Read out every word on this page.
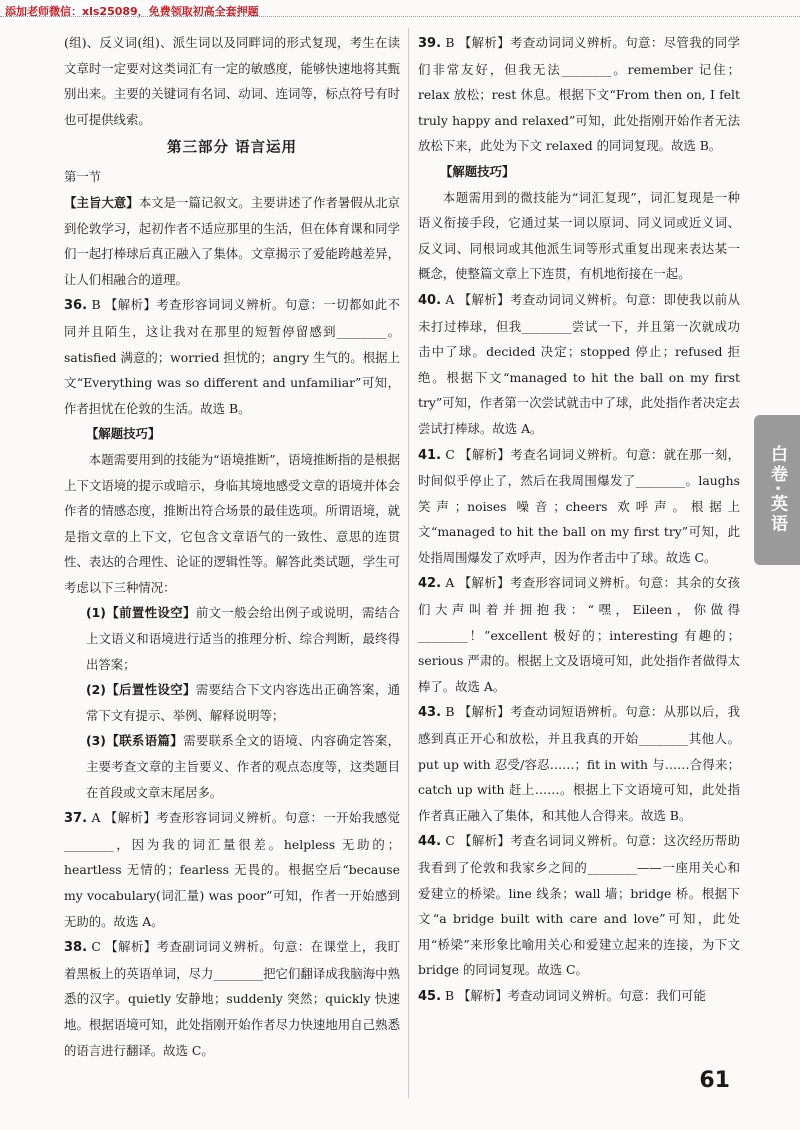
添加老师微信：xls25089，免费领取初高全套押题

(组)、反义词(组)、派生词以及同畔词的形式复现，考生在读文章时一定要对这类词汇有一定的敏感度，能够快速地将其甄别出来。主要的关键词有名词、动词、连词等，标点符号有时也可提供线索。

第三部分 语言运用

第一节

【主旨大意】本文是一篇记叙文。主要讲述了作者暑假从北京到伦敦学习，起初作者不适应那里的生活，但在体育课和同学们一起打棒球后真正融入了集体。文章揭示了爱能跨越差异，让人们相融合的道理。

36. B 【解析】考查形容词词义辨析。句意：一切都如此不同并且陌生，这让我对在那里的短暂停留感到________。satisfied 满意的；worried 担忧的；angry 生气的。根据上文“Everything was so different and unfamiliar”可知，作者担忧在伦敦的生活。故选 B。

【解题技巧】

本题需要用到的技能为“语境推断”，语境推断指的是根据上下文语境的提示或暗示，身临其境地感受文章的语境并体会作者的情感态度，推断出符合场景的最佳选项。所谓语境，就是指文章的上下文，它包含文章语气的一致性、意思的连贯性、表达的合理性、论证的逻辑性等。解答此类试题，学生可考虑以下三种情况：

(1)【前置性设空】前文一般会给出例子或说明，需结合上文语义和语境进行适当的推理分析、综合判断，最终得出答案；

(2)【后置性设空】需要结合下文内容选出正确答案，通常下文有提示、举例、解释说明等；

(3)【联系语篇】需要联系全文的语境、内容确定答案，主要考查文章的主旨要义、作者的观点态度等，这类题目在首段或文章末尾居多。

37. A 【解析】考查形容词词义辨析。句意：一开始我感觉________，因为我的词汇量很差。helpless 无助的；heartless 无情的；fearless 无畏的。根据空后“because my vocabulary(词汇量) was poor”可知，作者一开始感到无助的。故选 A。

38. C 【解析】考查副词词义辨析。句意：在课堂上，我盯着黑板上的英语单词，尽力________把它们翻译成我脑海中熟悉的汉字。quietly 安静地；suddenly 突然；quickly 快速地。根据语境可知，此处指刚开始作者尽力快速地用自己熟悉的语言进行翻译。故选 C。

39. B 【解析】考查动词词义辨析。句意：尽管我的同学们非常友好，但我无法________。remember 记住；relax 放松；rest 休息。根据下文“From then on, I felt truly happy and relaxed”可知，此处指刚开始作者无法放松下来，此处为下文 relaxed 的同词复现。故选 B。

【解题技巧】

本题需用到的微技能为“词汇复现”，词汇复现是一种语义衔接手段，它通过某一词以原词、同义词或近义词、反义词、同根词或其他派生词等形式重复出现来表达某一概念，使整篇文章上下连贯，有机地衔接在一起。

40. A 【解析】考查动词词义辨析。句意：即使我以前从未打过棒球，但我________尝试一下，并且第一次就成功击中了球。decided 决定；stopped 停止；refused 拒绝。根据下文“managed to hit the ball on my first try”可知，作者第一次尝试就击中了球，此处指作者决定去尝试打棒球。故选 A。

41. C 【解析】考查名词词义辨析。句意：就在那一刻，时间似乎停止了，然后在我周围爆发了________。laughs 笑声；noises 噪音；cheers 欢呼声。根据上文“managed to hit the ball on my first try”可知，此处指周围爆发了欢呼声，因为作者击中了球。故选 C。

42. A 【解析】考查形容词词义辨析。句意：其余的女孩们大声叫着并拥抱我：“嘿，Eileen，你做得________！”excellent 极好的；interesting 有趣的；serious 严肃的。根据上文及语境可知，此处指作者做得太棒了。故选 A。

43. B 【解析】考查动词短语辨析。句意：从那以后，我感到真正开心和放松，并且我真的开始________其他人。put up with 忍受/容忍……；fit in with 与……合得来；catch up with 赶上……。根据上下文语境可知，此处指作者真正融入了集体，和其他人合得来。故选 B。

44. C 【解析】考查名词词义辨析。句意：这次经历帮助我看到了伦敦和我家乡之间的________——一座用关心和爱建立的桥梁。line 线条；wall 墙；bridge 桥。根据下文“a bridge built with care and love”可知，此处用“桥梁”来形象比喻用关心和爱建立起来的连接，为下文 bridge 的同词复现。故选 C。

45. B 【解析】考查动词词义辨析。句意：我们可能

白卷·英语
61
